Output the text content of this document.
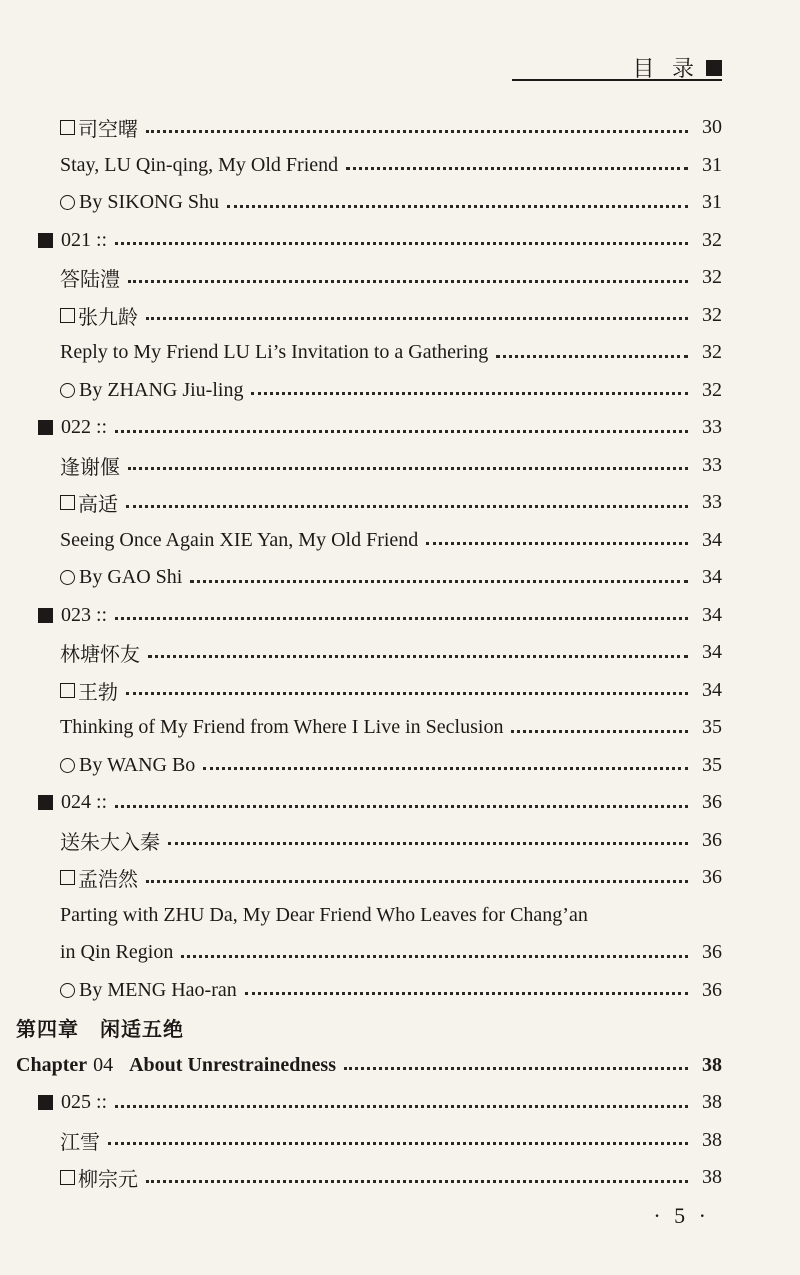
目 录
司空曙	30
Stay, LU Qin-qing, My Old Friend	31
By SIKONG Shu	31
021 ::	32
答陆澧	32
张九龄	32
Reply to My Friend LU Li’s Invitation to a Gathering	32
By ZHANG Jiu-ling	32
022 ::	33
逢谢偃	33
高适	33
Seeing Once Again XIE Yan, My Old Friend	34
By GAO Shi	34
023 ::	34
林塘怀友	34
王勃	34
Thinking of My Friend from Where I Live in Seclusion	35
By WANG Bo	35
024 ::	36
送朱大入秦	36
孟浩然	36
Parting with ZHU Da, My Dear Friend Who Leaves for Chang’an
in Qin Region	36
By MENG Hao-ran	36
第四章　闲适五绝
Chapter 04 About Unrestrainedness	38
025 ::	38
江雪	38
柳宗元	38
· 5 ·
